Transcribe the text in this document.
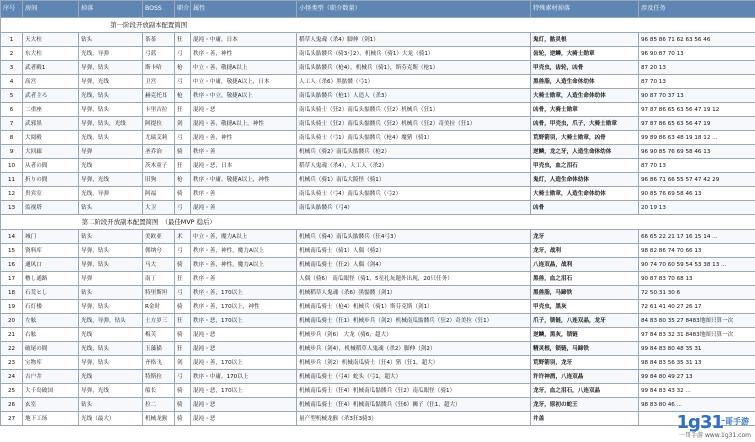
序号	房间	掉落	BOSS	职介	属性	小怪类型（职介数量）	特殊素材掉落	涉及任务
第一阶段开放副本配置简图								
1	天大柱	钻头	茶茶	狂	混沌・中庸，日本	稻草人鬼魂（杀4）脚伸（剑1）	鬼灯，骷灵根	96 85 86 71 62 63 56 46
2	东大柱	光线，导弹	弓蓝	弓	秩序・善，神性	南瓜头骷髅兵（骑3弓2），机械兵（骑1）大龙（骑1）	齿轮，逆鳞，大骑士勋章	96 90 87 70 13
3	武者殿1	导弹，钻头	斯卡哈	枪	中立・善，敬捷A以上	南瓜头骷髅兵（枪4），机械兵（骑1），斯芬克斯（枪1）	甲壳虫，齿轮，凶骨	87 20 13
4	高宫	导弹，光线	卫宫	弓	中立・中庸，敬捷A以上，日本	人工人（杀6）黑骷髅（弓1）	黑兽脂，人造生命体幼体	87 70 13
5	武者主ろ	光线，钻头	赫克托耳	枪	秩序・中立，敬捷A以上	南瓜头骷髅兵（枪1）人造人（杀3）	大骑士勋章，人造生命体幼体	90 87 70 37 13
6	二重座	导弹，钻头	卡里吉拉	狂	混沌・恶	南瓜头骑士（狂2）南瓜头骷髅兵（狂2）机械兵（狂1）	凶骨，大骑士勋章	97 87 86 65 63 56 47 19 12
7	武邪黒	导弹，钻头，光线	阿提拉	剑	混沌・善，敬捷A以上，神性	南瓜头骑士（狂2）南瓜头骷髅兵（狂2）机械兵（狂2）奇美拉（狂1）	凶骨，甲壳虫，爪子，大骑士勋章	97 87 86 65 63 56 47 19
8	大阅殿	光线，钻头	尤瑞艾莉	弓	混沌・善，神性	南瓜头骑士（弓1）南瓜头骷髅兵（枪4）魔猪（骑1）	荒野箭羽，大骑士勋章，凶骨	99 89 86 63 48 19 18 12 ...
9	大回廊	导弹	圣乔治	骑	秩序・善	机械兵（骑2）南瓜头骷髅兵（枪2）	逆鳞，龙之牙，人造生命体幼体	96 90 85 76 69 58 46 13
10	从者の間	光线	茨木童子	狂	混沌・恶，日本	稻草人鬼魂（杀4），人工人（杀2）	甲壳虫，血之泪石	87 70 13
11	折りの間	导弹，光线	旧狗	枪	秩序・中庸，敬捷A以上，神性	机械兵（骑1）南瓜大阪怪（骑1）	鬼灯，人造生命体幼体	96 86 71 66 55 57 47 42 29
12	贵宾室	光线，导弹	阿福	骑	秩序・善	南瓜头骑士（弓4）南瓜头骷髅兵（弓2）	大骑士勋章，人造生命体幼体	90 85 76 69 58 46 13
13	监视塔	钻头	大卫	弓	混沌・善	南瓜头骷髅兵（弓4）	凶骨	20 19 13
第二阶段开放副本配置简图　（最佳MVP 稳后）								
14	城门	钻头	美欧亚	术	中立・善，魔力A以上	机械兵（骑4）南瓜头骷髅兵（狂4弓3）	龙牙	66 65 22 21 17 16 15 14 ...
15	資料库	导弹，钻头	佣纳兮	弓	秩序・善，神性，魔力A以上	机械南瓜骑士（骑1）人偶（骑2）	龙牙，战利	98 82 86 74 70 66 13
16	通风口	导弹，钻头	马大	骑	秩序・善，神性，魔力A以上	机械南瓜骑士（狂2）人偶（剑4）	八连双晶，战利	90 74 70 60 59 54 53 38 13 ...
17	櫓し通路	导弹	南丁	狂	秩序・善	人偶（骑6） 南瓜眼怪（骑1，5星扎灰题外出现，20只任务）	黑兽，血之泪石	90 87 83 70 68 13
18	石荒ヒし	钻头	特里斯坦	弓	秩序・善，170以上	机械稻草人鬼魂（杀6）黑骷髅（剑1）	黑兽脂，马蹄铁	72 50 31 30 6
19	石灯楼	导弹，钻头	R金时	骑	秩序・善，170以上，神性	机械南瓜骑士（枪4）机械兵（骑1）斯芬克斯（剑1）	甲壳虫，黑灰	72 61 41 40 27 26 17
20	左舷	光线，导弹，钻头	土方岁三	狂	秩序・恶，170以上	机械南瓜骑士（狂1）机械步兵（剑2）机械南瓜骷髅兵（狂2）奇美拉（狂1）	爪子，锁链，八连双晶，龙牙	84 83 80 35 27 8483地图只算一次
21	右舷	光线	梅芙	骑	混沌・恶	机械步兵（剑6） 大龙（骑6，超大）	逆鳞，黑灰，锁链	97 84 83 32 31 8483地图只算一次
22	破尾の間	光线，钻头	玉藻猫	狂	混沌・恶	机械步兵（剑4），机械稻草人鬼魂（杀2）脚伸（剑2）	精灵根，锁链，马蹄铁	99 84 83 80 48 35 31
23	宝物库	导弹，钻头	齐格飞	剑	混沌・善，170以上	机械步兵（剑2）机械南瓜骑士（狂4）猪（狂1，超大）	荒野箭羽，龙牙	98 84 83 56 35 31 13
24	吉户井	光线	特斯拉	弓	秩序・中庸，170以上	机械南瓜骑士（弓4）蛇头（弓1，超大）	许许神酒，八连双晶	99 84 80 49 27 13
25	大千岛破国	导弹，光线	船长	骑	混沌・恶，170以上	机械南瓜骑士（狂4）机械南瓜骷髅兵（狂2）南瓜眼怪（骑1）	龙牙，血之泪石，八连双晶	99 84 83 43 32 ...
26	玄室	钻头	拉二	骑	混沌・恶	机械南瓜骑士（狂4）机械南瓜骷髅兵（狂6）狮子（狂1，超大）	龙牙，原初の蛇王	98 83 80 46 ...
27	地下工场	光线（最大）	机械龙猴	骑	混沌・恶	量产型机械龙猴（杀3狂3骑3）	井盖		一哥手游
1g31
一哥手游 www.1g31.com
